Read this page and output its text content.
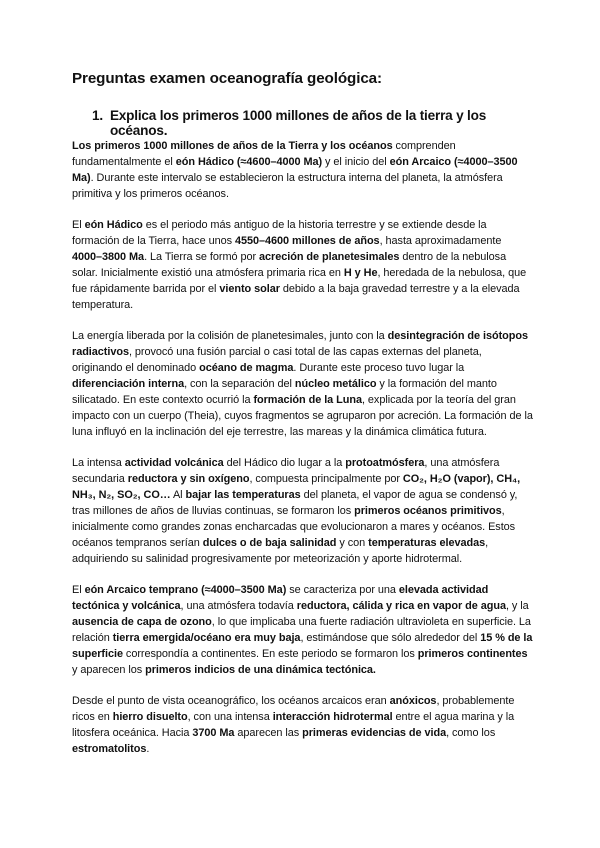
Preguntas examen oceanografía geológica:
1. Explica los primeros 1000 millones de años de la tierra y los océanos.

Los primeros 1000 millones de años de la Tierra y los océanos comprenden fundamentalmente el eón Hádico (≈4600–4000 Ma) y el inicio del eón Arcaico (≈4000–3500 Ma). Durante este intervalo se establecieron la estructura interna del planeta, la atmósfera primitiva y los primeros océanos.

El eón Hádico es el periodo más antiguo de la historia terrestre y se extiende desde la formación de la Tierra, hace unos 4550–4600 millones de años, hasta aproximadamente 4000–3800 Ma. La Tierra se formó por acreción de planetesimales dentro de la nebulosa solar. Inicialmente existió una atmósfera primaria rica en H y He, heredada de la nebulosa, que fue rápidamente barrida por el viento solar debido a la baja gravedad terrestre y a la elevada temperatura.

La energía liberada por la colisión de planetesimales, junto con la desintegración de isótopos radiactivos, provocó una fusión parcial o casi total de las capas externas del planeta, originando el denominado océano de magma. Durante este proceso tuvo lugar la diferenciación interna, con la separación del núcleo metálico y la formación del manto silicatado. En este contexto ocurrió la formación de la Luna, explicada por la teoría del gran impacto con un cuerpo (Theia), cuyos fragmentos se agruparon por acreción. La formación de la luna influyó en la inclinación del eje terrestre, las mareas y la dinámica climática futura.

La intensa actividad volcánica del Hádico dio lugar a la protoatmósfera, una atmósfera secundaria reductora y sin oxígeno, compuesta principalmente por CO₂, H₂O (vapor), CH₄, NH₃, N₂, SO₂, CO… Al bajar las temperaturas del planeta, el vapor de agua se condensó y, tras millones de años de lluvias continuas, se formaron los primeros océanos primitivos, inicialmente como grandes zonas encharcadas que evolucionaron a mares y océanos. Estos océanos tempranos serían dulces o de baja salinidad y con temperaturas elevadas, adquiriendo su salinidad progresivamente por meteorización y aporte hidrotermal.

El eón Arcaico temprano (≈4000–3500 Ma) se caracteriza por una elevada actividad tectónica y volcánica, una atmósfera todavía reductora, cálida y rica en vapor de agua, y la ausencia de capa de ozono, lo que implicaba una fuerte radiación ultravioleta en superficie. La relación tierra emergida/océano era muy baja, estimándose que sólo alrededor del 15 % de la superficie correspondía a continentes. En este periodo se formaron los primeros continentes y aparecen los primeros indicios de una dinámica tectónica.

Desde el punto de vista oceanográfico, los océanos arcaicos eran anóxicos, probablemente ricos en hierro disuelto, con una intensa interacción hidrotermal entre el agua marina y la litosfera oceánica. Hacia 3700 Ma aparecen las primeras evidencias de vida, como los estromatolitos.
